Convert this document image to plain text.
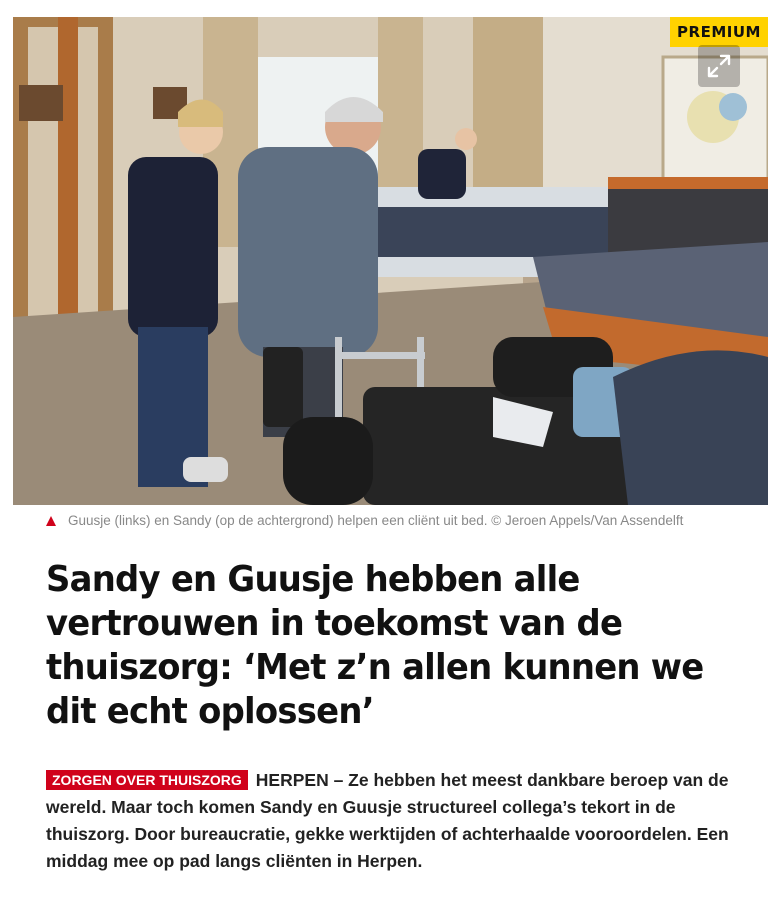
PREMIUM
Guusje (links) en Sandy (op de achtergrond) helpen een cliënt uit bed. © Jeroen Appels/Van Assendelft
Sandy en Guusje hebben alle vertrouwen in toekomst van de thuiszorg: ‘Met z’n allen kunnen we dit echt oplossen’

ZORGEN OVER THUISZORG HERPEN – Ze hebben het meest dankbare beroep van de wereld. Maar toch komen Sandy en Guusje structureel collega’s tekort in de thuiszorg. Door bureaucratie, gekke werktijden of achterhaalde vooroordelen. Een middag mee op pad langs cliënten in Herpen.
